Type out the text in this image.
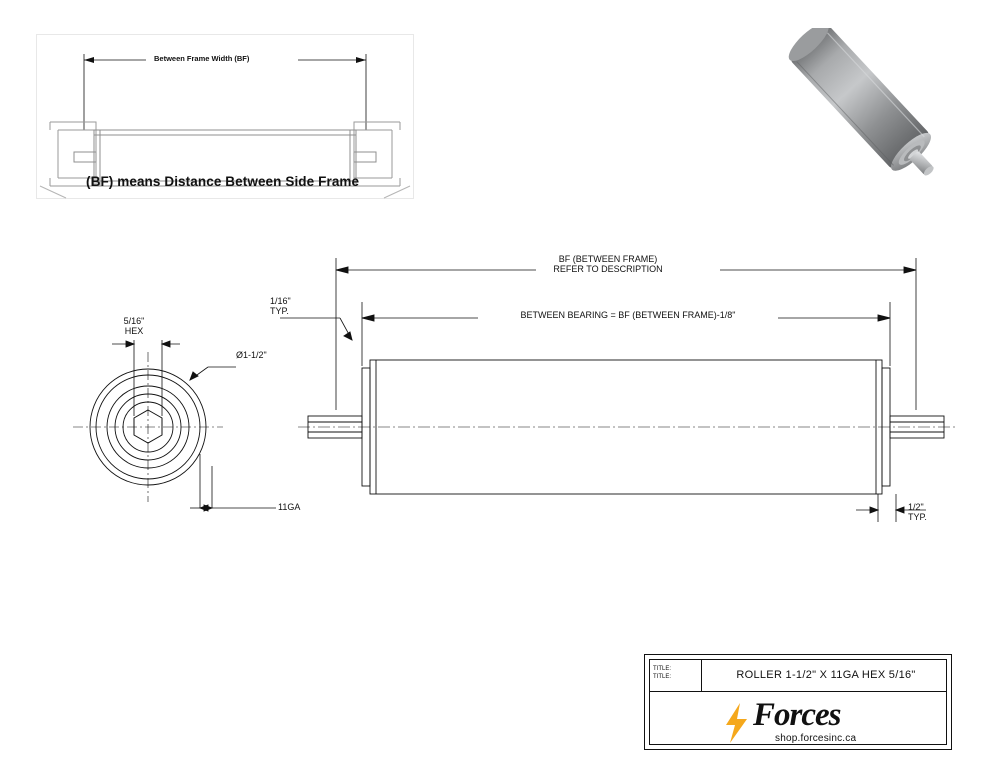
Between Frame Width (BF)
(BF) means Distance Between Side Frame
BF (BETWEEN FRAME)
REFER TO DESCRIPTION
BETWEEN BEARING = BF (BETWEEN FRAME)-1/8"
1/16"
TYP.
1/2"
TYP.
5/16"
HEX
Ø1-1/2"
11GA
TITLE:
TITLE:	ROLLER 1-1/2" X 11GA HEX 5/16"
Forces
shop.forcesinc.ca
